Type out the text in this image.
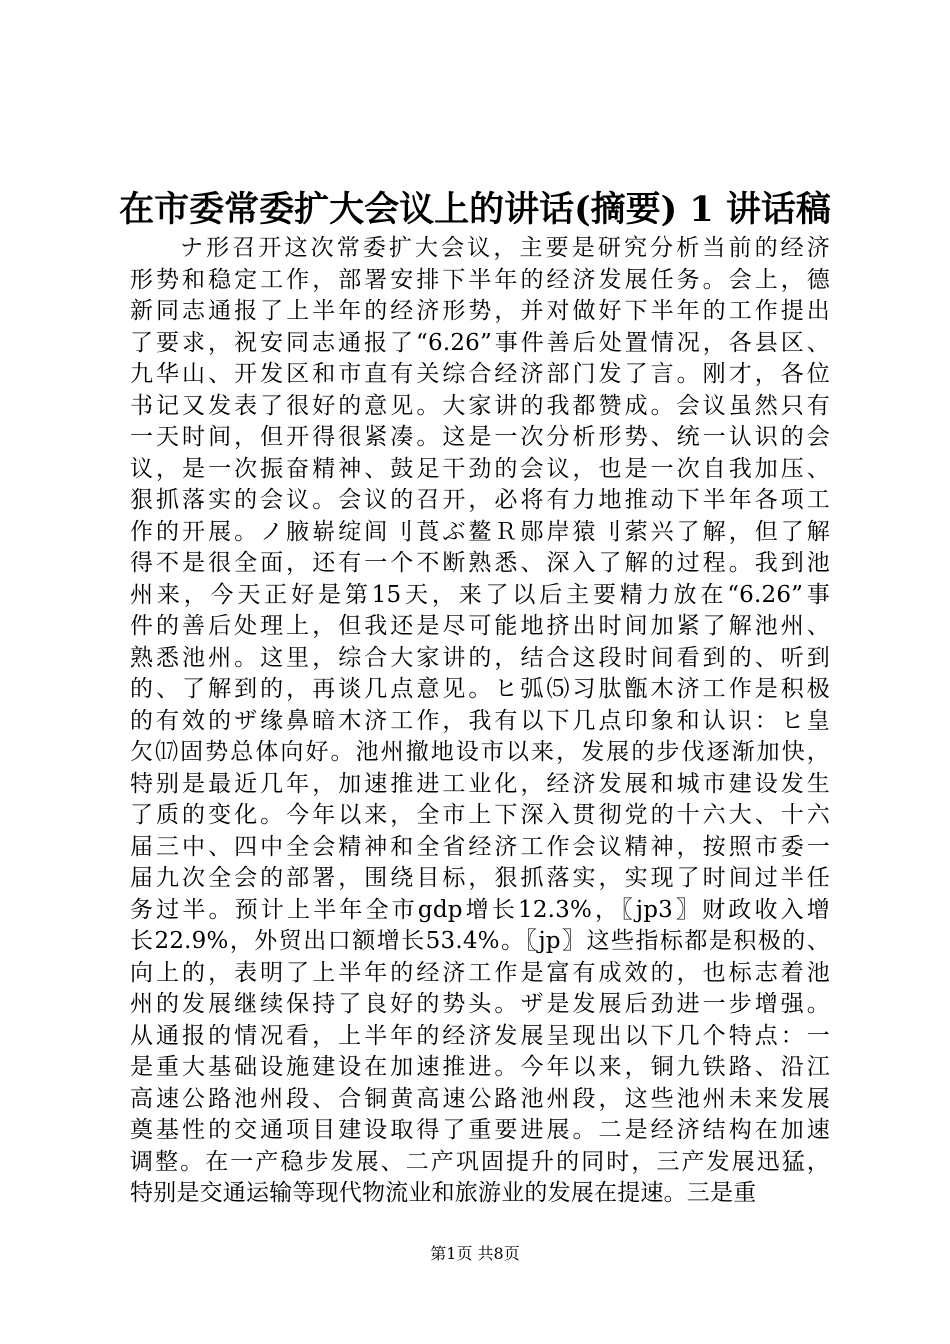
在市委常委扩大会议上的讲话(摘要) 1 讲话稿
ナ形召开这次常委扩大会议，主要是研究分析当前的经济
形势和稳定工作，部署安排下半年的经济发展任务。会上，德
新同志通报了上半年的经济形势，并对做好下半年的工作提出
了要求，祝安同志通报了“6.26”事件善后处置情况，各县区、
九华山、开发区和市直有关综合经济部门发了言。刚才，各位
书记又发表了很好的意见。大家讲的我都赞成。会议虽然只有
一天时间，但开得很紧凑。这是一次分析形势、统一认识的会
议，是一次振奋精神、鼓足干劲的会议，也是一次自我加压、
狠抓落实的会议。会议的召开，必将有力地推动下半年各项工
作的开展。ノ腋崭绽闾刂莨ぶ鳌Ｒ郧岸猿刂萦兴了解，但了解
得不是很全面，还有一个不断熟悉、深入了解的过程。我到池
州来，今天正好是第15天，来了以后主要精力放在“6.26”事
件的善后处理上，但我还是尽可能地挤出时间加紧了解池州、
熟悉池州。这里，综合大家讲的，结合这段时间看到的、听到
的、了解到的，再谈几点意见。ヒ弧⑸习肽甑木济工作是积极
的有效的ザ缘鼻暗木济工作，我有以下几点印象和认识：ヒ皇
欠⒄固势总体向好。池州撤地设市以来，发展的步伐逐渐加快，
特别是最近几年，加速推进工业化，经济发展和城市建设发生
了质的变化。今年以来，全市上下深入贯彻党的十六大、十六
届三中、四中全会精神和全省经济工作会议精神，按照市委一
届九次全会的部署，围绕目标，狠抓落实，实现了时间过半任
务过半。预计上半年全市gdp增长12.3%，〖jp3〗财政收入增
长22.9%，外贸出口额增长53.4%。〖jp〗这些指标都是积极的、
向上的，表明了上半年的经济工作是富有成效的，也标志着池
州的发展继续保持了良好的势头。ザ是发展后劲进一步增强。
从通报的情况看，上半年的经济发展呈现出以下几个特点：一
是重大基础设施建设在加速推进。今年以来，铜九铁路、沿江
高速公路池州段、合铜黄高速公路池州段，这些池州未来发展
奠基性的交通项目建设取得了重要进展。二是经济结构在加速
调整。在一产稳步发展、二产巩固提升的同时，三产发展迅猛，
特别是交通运输等现代物流业和旅游业的发展在提速。三是重
第1页 共8页
